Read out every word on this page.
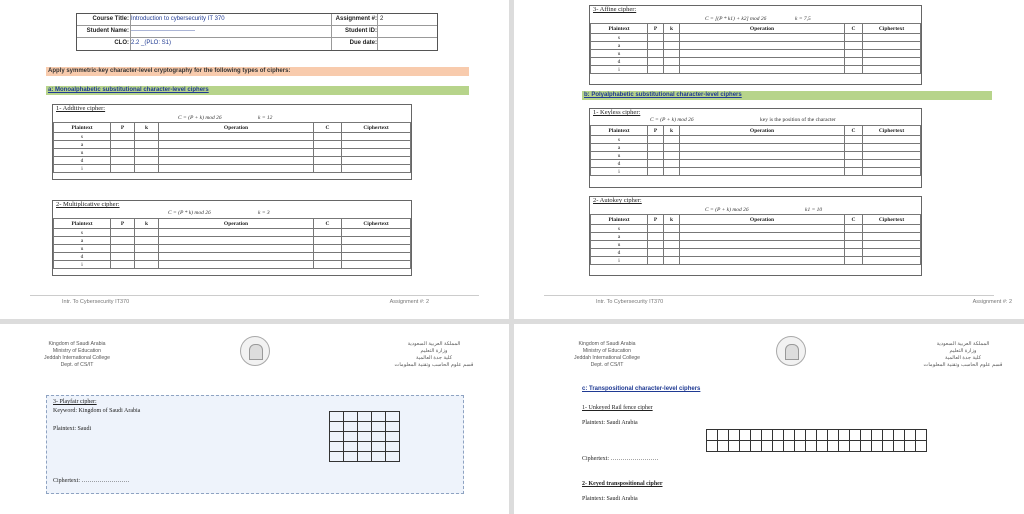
Course Title: Introduction to cybersecurity IT 370	Assignment #: 2
Student Name: --------------------------------	Student ID:
CLO: 2.2 _(PLO: S1)	Due date:
Apply symmetric-key character-level cryptography for the following types of ciphers:
a: Monoalphabetic substitutional character-level ciphers
1- Additive cipher:
C = (P + k) mod 26	k = 12
Plaintext	P	k	Operation	C	Ciphertext
s					
a					
u					
d					
i					
2- Multiplicative cipher:
C = (P * k) mod 26	k = 3
Plaintext	P	k	Operation	C	Ciphertext
s					
a					
u					
d					
i					
Intr. To Cybersecurity IT370	Assignment #: 2
3- Affine cipher:
C = [(P * k1) + k2] mod 26	k = 7,5
Plaintext	P	k	Operation	C	Ciphertext
s					
a					
u					
d					
i					
b: Polyalphabetic substitutional character-level ciphers
1- Keyless cipher:
C = (P + k) mod 26	key is the position of the character
Plaintext	P	k	Operation	C	Ciphertext
s					
a					
u					
d					
i					
2- Autokey cipher:
C = (P + k) mod 26	k1 = 10
Plaintext	P	k	Operation	C	Ciphertext
s					
a					
u					
d					
i					
Intr. To Cybersecurity IT370	Assignment #: 2
Kingdom of Saudi Arabia
Ministry of Education
Jeddah International College
Dept. of CS/IT
المملكة العربية السعودية
وزارة التعليم
كلية جدة العالمية
قسم علوم الحاسب وتقنية المعلومات
3- Playfair cipher:
Keyword: Kingdom of Saudi Arabia
Plaintext: Saudi

Ciphertext: ……………………
Kingdom of Saudi Arabia
Ministry of Education
Jeddah International College
Dept. of CS/IT
المملكة العربية السعودية
وزارة التعليم
كلية جدة العالمية
قسم علوم الحاسب وتقنية المعلومات
c: Transpositional character-level ciphers
1- Unkeyed Rail fence cipher
Plaintext: Saudi Arabia

Ciphertext: ……………………
2- Keyed transpositional cipher
Plaintext: Saudi Arabia
